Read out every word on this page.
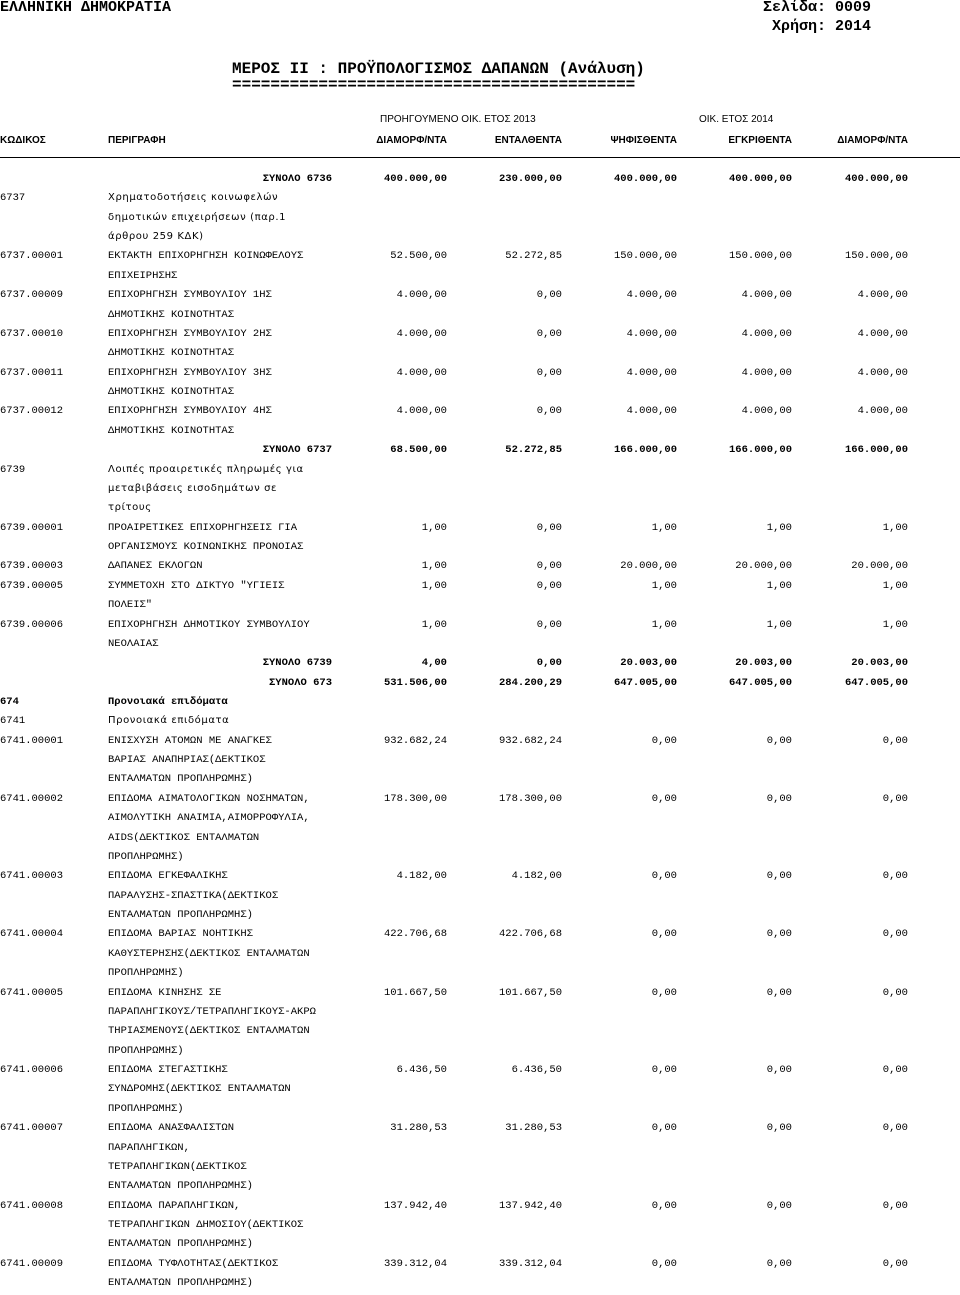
ΕΛΛΗΝΙΚΗ ΔΗΜΟΚΡΑΤΙΑ	Σελίδα: 0009
Χρήση: 2014
ΜΕΡΟΣ ΙΙ : ΠΡΟΫΠΟΛΟΓΙΣΜΟΣ ΔΑΠΑΝΩΝ (Ανάλυση)
==========================================
ΠΡΟΗΓΟΥΜΕΝΟ ΟΙΚ. ΕΤΟΣ 2013	ΟΙΚ. ΕΤΟΣ 2014
ΚΩΔΙΚΟΣ	ΠΕΡΙΓΡΑΦΗ	ΔΙΑΜΟΡΦ/ΝΤΑ	ΕΝΤΑΛΘΕΝΤΑ	ΨΗΦΙΣΘΕΝΤΑ	ΕΓΚΡΙΘΕΝΤΑ	ΔΙΑΜΟΡΦ/ΝΤΑ
ΣΥΝΟΛΟ 6736	400.000,00	230.000,00	400.000,00	400.000,00	400.000,00
6737	Χρηματοδοτήσεις κοινωφελών
δημοτικών επιχειρήσεων (παρ.1
άρθρου 259 ΚΔΚ)
6737.00001	ΕΚΤΑΚΤΗ ΕΠΙΧΟΡΗΓΗΣΗ ΚΟΙΝΩΦΕΛΟΥΣ	52.500,00	52.272,85	150.000,00	150.000,00	150.000,00
ΕΠΙΧΕΙΡΗΣΗΣ
6737.00009	ΕΠΙΧΟΡΗΓΗΣΗ ΣΥΜΒΟΥΛΙΟΥ 1ΗΣ	4.000,00	0,00	4.000,00	4.000,00	4.000,00
ΔΗΜΟΤΙΚΗΣ ΚΟΙΝΟΤΗΤΑΣ
6737.00010	ΕΠΙΧΟΡΗΓΗΣΗ ΣΥΜΒΟΥΛΙΟΥ 2ΗΣ	4.000,00	0,00	4.000,00	4.000,00	4.000,00
ΔΗΜΟΤΙΚΗΣ ΚΟΙΝΟΤΗΤΑΣ
6737.00011	ΕΠΙΧΟΡΗΓΗΣΗ ΣΥΜΒΟΥΛΙΟΥ 3ΗΣ	4.000,00	0,00	4.000,00	4.000,00	4.000,00
ΔΗΜΟΤΙΚΗΣ ΚΟΙΝΟΤΗΤΑΣ
6737.00012	ΕΠΙΧΟΡΗΓΗΣΗ ΣΥΜΒΟΥΛΙΟΥ 4ΗΣ	4.000,00	0,00	4.000,00	4.000,00	4.000,00
ΔΗΜΟΤΙΚΗΣ ΚΟΙΝΟΤΗΤΑΣ
ΣΥΝΟΛΟ 6737	68.500,00	52.272,85	166.000,00	166.000,00	166.000,00
6739	Λοιπές προαιρετικές πληρωμές για
μεταβιβάσεις εισοδημάτων σε
τρίτους
6739.00001	ΠΡΟΑΙΡΕΤΙΚΕΣ ΕΠΙΧΟΡΗΓΗΣΕΙΣ ΓΙΑ	1,00	0,00	1,00	1,00	1,00
ΟΡΓΑΝΙΣΜΟΥΣ ΚΟΙΝΩΝΙΚΗΣ ΠΡΟΝΟΙΑΣ
6739.00003	ΔΑΠΑΝΕΣ ΕΚΛΟΓΩΝ	1,00	0,00	20.000,00	20.000,00	20.000,00
6739.00005	ΣΥΜΜΕΤΟΧΗ ΣΤΟ ΔΙΚΤΥΟ "ΥΓΙΕΙΣ	1,00	0,00	1,00	1,00	1,00
ΠΟΛΕΙΣ"
6739.00006	ΕΠΙΧΟΡΗΓΗΣΗ ΔΗΜΟΤΙΚΟΥ ΣΥΜΒΟΥΛΙΟΥ	1,00	0,00	1,00	1,00	1,00
ΝΕΟΛΑΙΑΣ
ΣΥΝΟΛΟ 6739	4,00	0,00	20.003,00	20.003,00	20.003,00
ΣΥΝΟΛΟ 673	531.506,00	284.200,29	647.005,00	647.005,00	647.005,00
674	Προνοιακά επιδόματα
6741	Προνοιακά επιδόματα
6741.00001	ΕΝΙΣΧΥΣΗ ΑΤΟΜΩΝ ΜΕ ΑΝΑΓΚΕΣ	932.682,24	932.682,24	0,00	0,00	0,00
ΒΑΡΙΑΣ ΑΝΑΠΗΡΙΑΣ(ΔΕΚΤΙΚΟΣ
ΕΝΤΑΛΜΑΤΩΝ ΠΡΟΠΛΗΡΩΜΗΣ)
6741.00002	ΕΠΙΔΟΜΑ ΑΙΜΑΤΟΛΟΓΙΚΩΝ ΝΟΣΗΜΑΤΩΝ,	178.300,00	178.300,00	0,00	0,00	0,00
ΑΙΜΟΛΥΤΙΚΗ ΑΝΑΙΜΙΑ,ΑΙΜΟΡΡΟΦΥΛΙΑ,
AIDS(ΔΕΚΤΙΚΟΣ ΕΝΤΑΛΜΑΤΩΝ
ΠΡΟΠΛΗΡΩΜΗΣ)
6741.00003	ΕΠΙΔΟΜΑ ΕΓΚΕΦΑΛΙΚΗΣ	4.182,00	4.182,00	0,00	0,00	0,00
ΠΑΡΑΛΥΣΗΣ-ΣΠΑΣΤΙΚΑ(ΔΕΚΤΙΚΟΣ
ΕΝΤΑΛΜΑΤΩΝ ΠΡΟΠΛΗΡΩΜΗΣ)
6741.00004	ΕΠΙΔΟΜΑ ΒΑΡΙΑΣ ΝΟΗΤΙΚΗΣ	422.706,68	422.706,68	0,00	0,00	0,00
ΚΑΘΥΣΤΕΡΗΣΗΣ(ΔΕΚΤΙΚΟΣ ΕΝΤΑΛΜΑΤΩΝ
ΠΡΟΠΛΗΡΩΜΗΣ)
6741.00005	ΕΠΙΔΟΜΑ ΚΙΝΗΣΗΣ ΣΕ	101.667,50	101.667,50	0,00	0,00	0,00
ΠΑΡΑΠΛΗΓΙΚΟΥΣ/ΤΕΤΡΑΠΛΗΓΙΚΟΥΣ-ΑΚΡΩ
ΤΗΡΙΑΣΜΕΝΟΥΣ(ΔΕΚΤΙΚΟΣ ΕΝΤΑΛΜΑΤΩΝ
ΠΡΟΠΛΗΡΩΜΗΣ)
6741.00006	ΕΠΙΔΟΜΑ ΣΤΕΓΑΣΤΙΚΗΣ	6.436,50	6.436,50	0,00	0,00	0,00
ΣΥΝΔΡΟΜΗΣ(ΔΕΚΤΙΚΟΣ ΕΝΤΑΛΜΑΤΩΝ
ΠΡΟΠΛΗΡΩΜΗΣ)
6741.00007	ΕΠΙΔΟΜΑ ΑΝΑΣΦΑΛΙΣΤΩΝ	31.280,53	31.280,53	0,00	0,00	0,00
ΠΑΡΑΠΛΗΓΙΚΩΝ,
ΤΕΤΡΑΠΛΗΓΙΚΩΝ(ΔΕΚΤΙΚΟΣ
ΕΝΤΑΛΜΑΤΩΝ ΠΡΟΠΛΗΡΩΜΗΣ)
6741.00008	ΕΠΙΔΟΜΑ ΠΑΡΑΠΛΗΓΙΚΩΝ,	137.942,40	137.942,40	0,00	0,00	0,00
ΤΕΤΡΑΠΛΗΓΙΚΩΝ ΔΗΜΟΣΙΟΥ(ΔΕΚΤΙΚΟΣ
ΕΝΤΑΛΜΑΤΩΝ ΠΡΟΠΛΗΡΩΜΗΣ)
6741.00009	ΕΠΙΔΟΜΑ ΤΥΦΛΟΤΗΤΑΣ(ΔΕΚΤΙΚΟΣ	339.312,04	339.312,04	0,00	0,00	0,00
ΕΝΤΑΛΜΑΤΩΝ ΠΡΟΠΛΗΡΩΜΗΣ)
